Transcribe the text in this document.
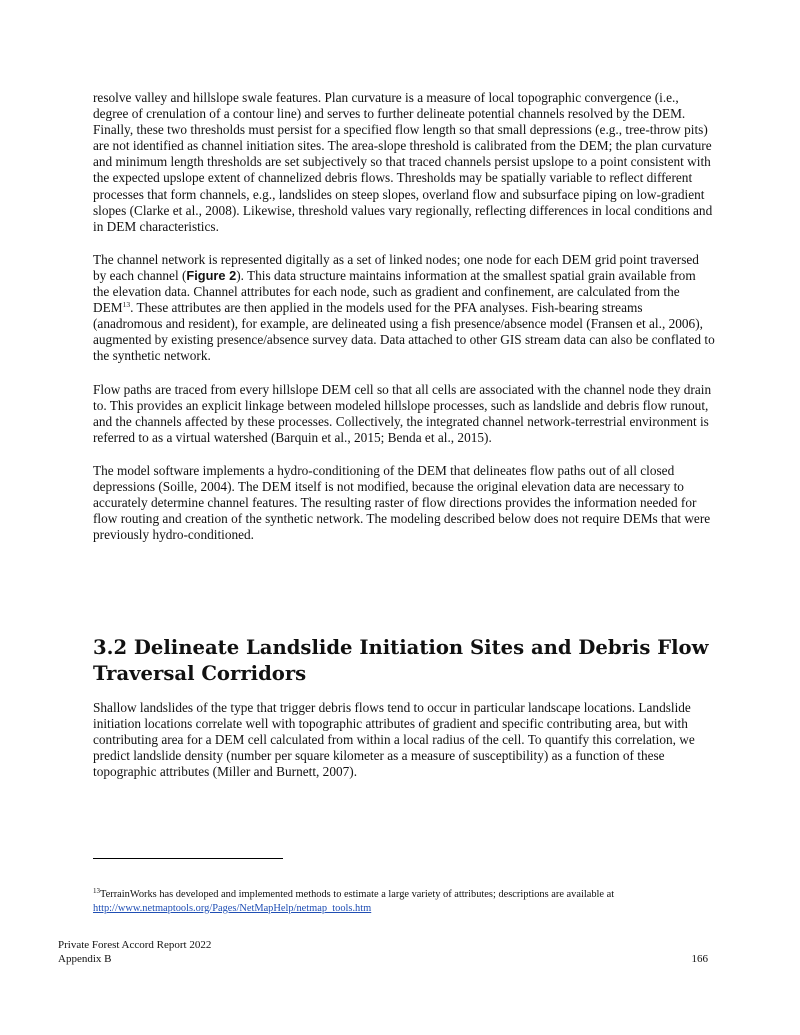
resolve valley and hillslope swale features. Plan curvature is a measure of local topographic convergence (i.e., degree of crenulation of a contour line) and serves to further delineate potential channels resolved by the DEM. Finally, these two thresholds must persist for a specified flow length so that small depressions (e.g., tree-throw pits) are not identified as channel initiation sites. The area-slope threshold is calibrated from the DEM; the plan curvature and minimum length thresholds are set subjectively so that traced channels persist upslope to a point consistent with the expected upslope extent of channelized debris flows. Thresholds may be spatially variable to reflect different processes that form channels, e.g., landslides on steep slopes, overland flow and subsurface piping on low-gradient slopes (Clarke et al., 2008). Likewise, threshold values vary regionally, reflecting differences in local conditions and in DEM characteristics.

The channel network is represented digitally as a set of linked nodes; one node for each DEM grid point traversed by each channel (Figure 2). This data structure maintains information at the smallest spatial grain available from the elevation data. Channel attributes for each node, such as gradient and confinement, are calculated from the DEM$^{13}$. These attributes are then applied in the models used for the PFA analyses. Fish-bearing streams (anadromous and resident), for example, are delineated using a fish presence/absence model (Fransen et al., 2006), augmented by existing presence/absence survey data. Data attached to other GIS stream data can also be conflated to the synthetic network.

Flow paths are traced from every hillslope DEM cell so that all cells are associated with the channel node they drain to. This provides an explicit linkage between modeled hillslope processes, such as landslide and debris flow runout, and the channels affected by these processes. Collectively, the integrated channel network-terrestrial environment is referred to as a virtual watershed (Barquin et al., 2015; Benda et al., 2015).

The model software implements a hydro-conditioning of the DEM that delineates flow paths out of all closed depressions (Soille, 2004). The DEM itself is not modified, because the original elevation data are necessary to accurately determine channel features. The resulting raster of flow directions provides the information needed for flow routing and creation of the synthetic network. The modeling described below does not require DEMs that were previously hydro-conditioned.

3.2 Delineate Landslide Initiation Sites and Debris Flow Traversal Corridors

Shallow landslides of the type that trigger debris flows tend to occur in particular landscape locations. Landslide initiation locations correlate well with topographic attributes of gradient and specific contributing area, but with contributing area for a DEM cell calculated from within a local radius of the cell. To quantify this correlation, we predict landslide density (number per square kilometer as a measure of susceptibility) as a function of these topographic attributes (Miller and Burnett, 2007).

$^{13}$TerrainWorks has developed and implemented methods to estimate a large variety of attributes; descriptions are available at http://www.netmaptools.org/Pages/NetMapHelp/netmap_tools.htm

Private Forest Accord Report 2022
Appendix B	166
